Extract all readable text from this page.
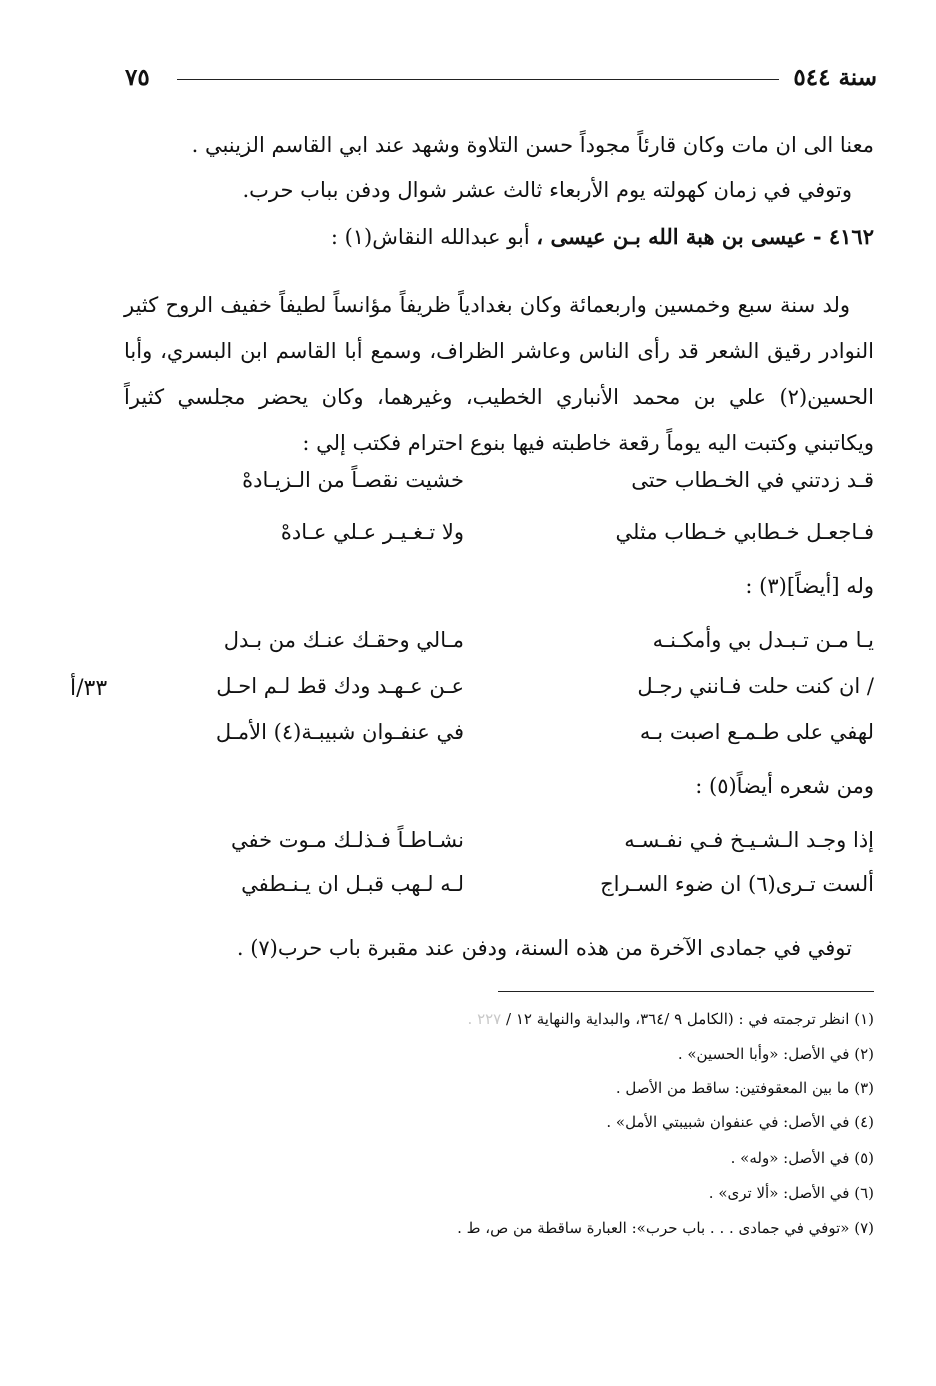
سنة ٥٤٤
٧٥
معنا الى ان مات وكان قارئاً مجوداً حسن التلاوة وشهد عند ابي القاسم الزينبي .
وتوفي في زمان كهولته يوم الأربعاء ثالث عشر شوال ودفن بباب حرب.
٤١٦٢ - عيسى بن هبة الله بـن عيسى ، أبو عبدالله النقاش(١) :
ولد سنة سبع وخمسين واربعمائة وكان بغدادياً ظريفاً مؤانساً لطيفاً خفيف الروح كثير النوادر رقيق الشعر قد رأى الناس وعاشر الظراف، وسمع أبا القاسم ابن البسري، وأبا الحسين(٢) علي بن محمد الأنباري الخطيب، وغيرهما، وكان يحضر مجلسي كثيراً ويكاتبني وكتبت اليه يوماً رقعة خاطبته فيها بنوع احترام فكتب إلي :
قـد زدتني في الخـطاب حتى
خشيت نقصـاً من الـزيـادهْ
فـاجعـل خـطابي خـطاب مثلي
ولا تـغـيـر عـلي عـادهْ
وله [أيضاً](٣) :
يـا مـن تـبـدل بي وأمكـنـه
مـالي وحقـك عنـك من بـدل
/ ان كنت حلت فـانني رجـل
عـن عـهـد ودك قط لـم احـل
لهفي على طـمـع اصبت بـه
في عنفـوان شبيبـة(٤) الأمـل
٣٣/أ
ومن شعره أيضاً(٥) :
إذا وجـد الـشـيـخ فـي نفـسـه
نشـاطـاً فـذلـك مـوت خفي
ألست تـرى(٦) ان ضوء السـراج
لـه لـهب قبـل ان يـنـطفي
توفي في جمادى الآخرة من هذه السنة، ودفن عند مقبرة باب حرب(٧) .
(١) انظر ترجمته في : (الكامل ٩ /٣٦٤، والبداية والنهاية ١٢ / ٢٢٧ .
(٢) في الأصل: «وأبا الحسين» .
(٣) ما بين المعقوفتين: ساقط من الأصل .
(٤) في الأصل: في عنفوان شبيبتي الأمل» .
(٥) في الأصل: «وله» .
(٦) في الأصل: «ألا ترى» .
(٧) «توفي في جمادى . . . باب حرب»: العبارة ساقطة من ص، ط .
